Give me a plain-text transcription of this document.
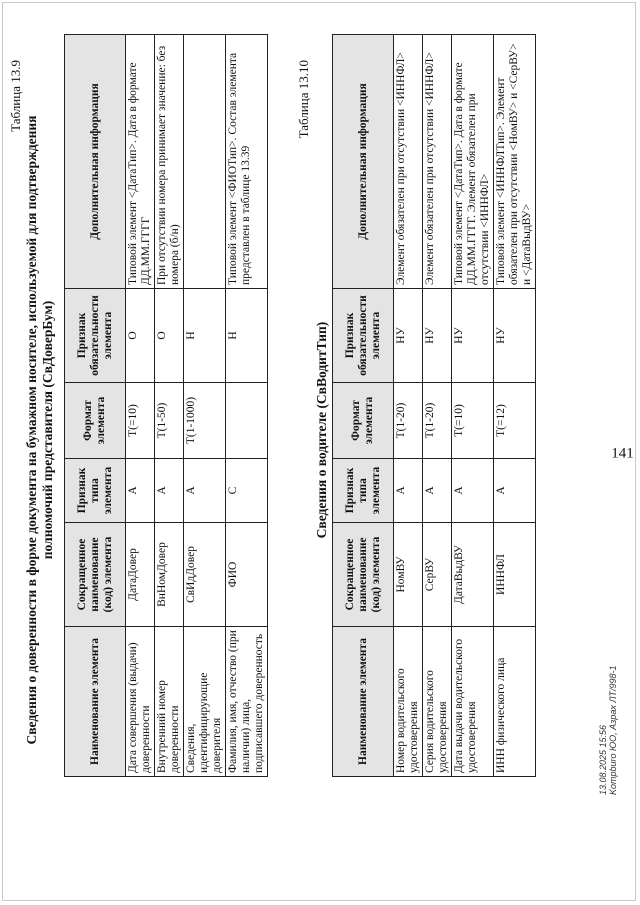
Таблица 13.9
Сведения о доверенности в форме документа на бумажном носителе, используемой для подтверждения полномочий представителя (СвДоверБум)
Наименование элемента	Сокращенное наименование (код) элемента	Признак типа элемента	Формат элемента	Признак обязательности элемента	Дополнительная информация
Дата совершения (выдачи) доверенности	ДатаДовер	А	T(=10)	О	Типовой элемент <ДатаТип>. Дата в формате ДД.ММ.ГГГГ
Внутренний номер доверенности	ВнНомДовер	А	T(1-50)	О	При отсутствии номера принимает значение: без номера (б/н)
Сведения, идентифицирующие доверителя	СвИдДовер	А	T(1-1000)	Н	
Фамилия, имя, отчество (при наличии) лица, подписавшего доверенность	ФИО	С		Н	Типовой элемент <ФИОТип>. Состав элемента представлен в таблице 13.39
Таблица 13.10
Сведения о водителе (СвВодитТип)
Наименование элемента	Сокращенное наименование (код) элемента	Признак типа элемента	Формат элемента	Признак обязательности элемента	Дополнительная информация
Номер водительского удостоверения	НомВУ	А	T(1-20)	НУ	Элемент обязателен при отсутствии <ИННФЛ>
Серия водительского удостоверения	СерВУ	А	T(1-20)	НУ	Элемент обязателен при отсутствии <ИННФЛ>
Дата выдачи водительского удостоверения	ДатаВыдВУ	А	T(=10)	НУ	Типовой элемент <ДатаТип>. Дата в формате ДД.ММ.ГГГГ. Элемент обязателен при отсутствии <ИННФЛ>
ИНН физического лица	ИННФЛ	А	T(=12)	НУ	Типовой элемент <ИННФЛТип>. Элемент обязателен при отсутствии <НомВУ> и <СерВУ> и <ДатаВыдВУ>
13.08.2025 15:56 Kompburo ЮО, Азрах ЛТ/998-1
141
